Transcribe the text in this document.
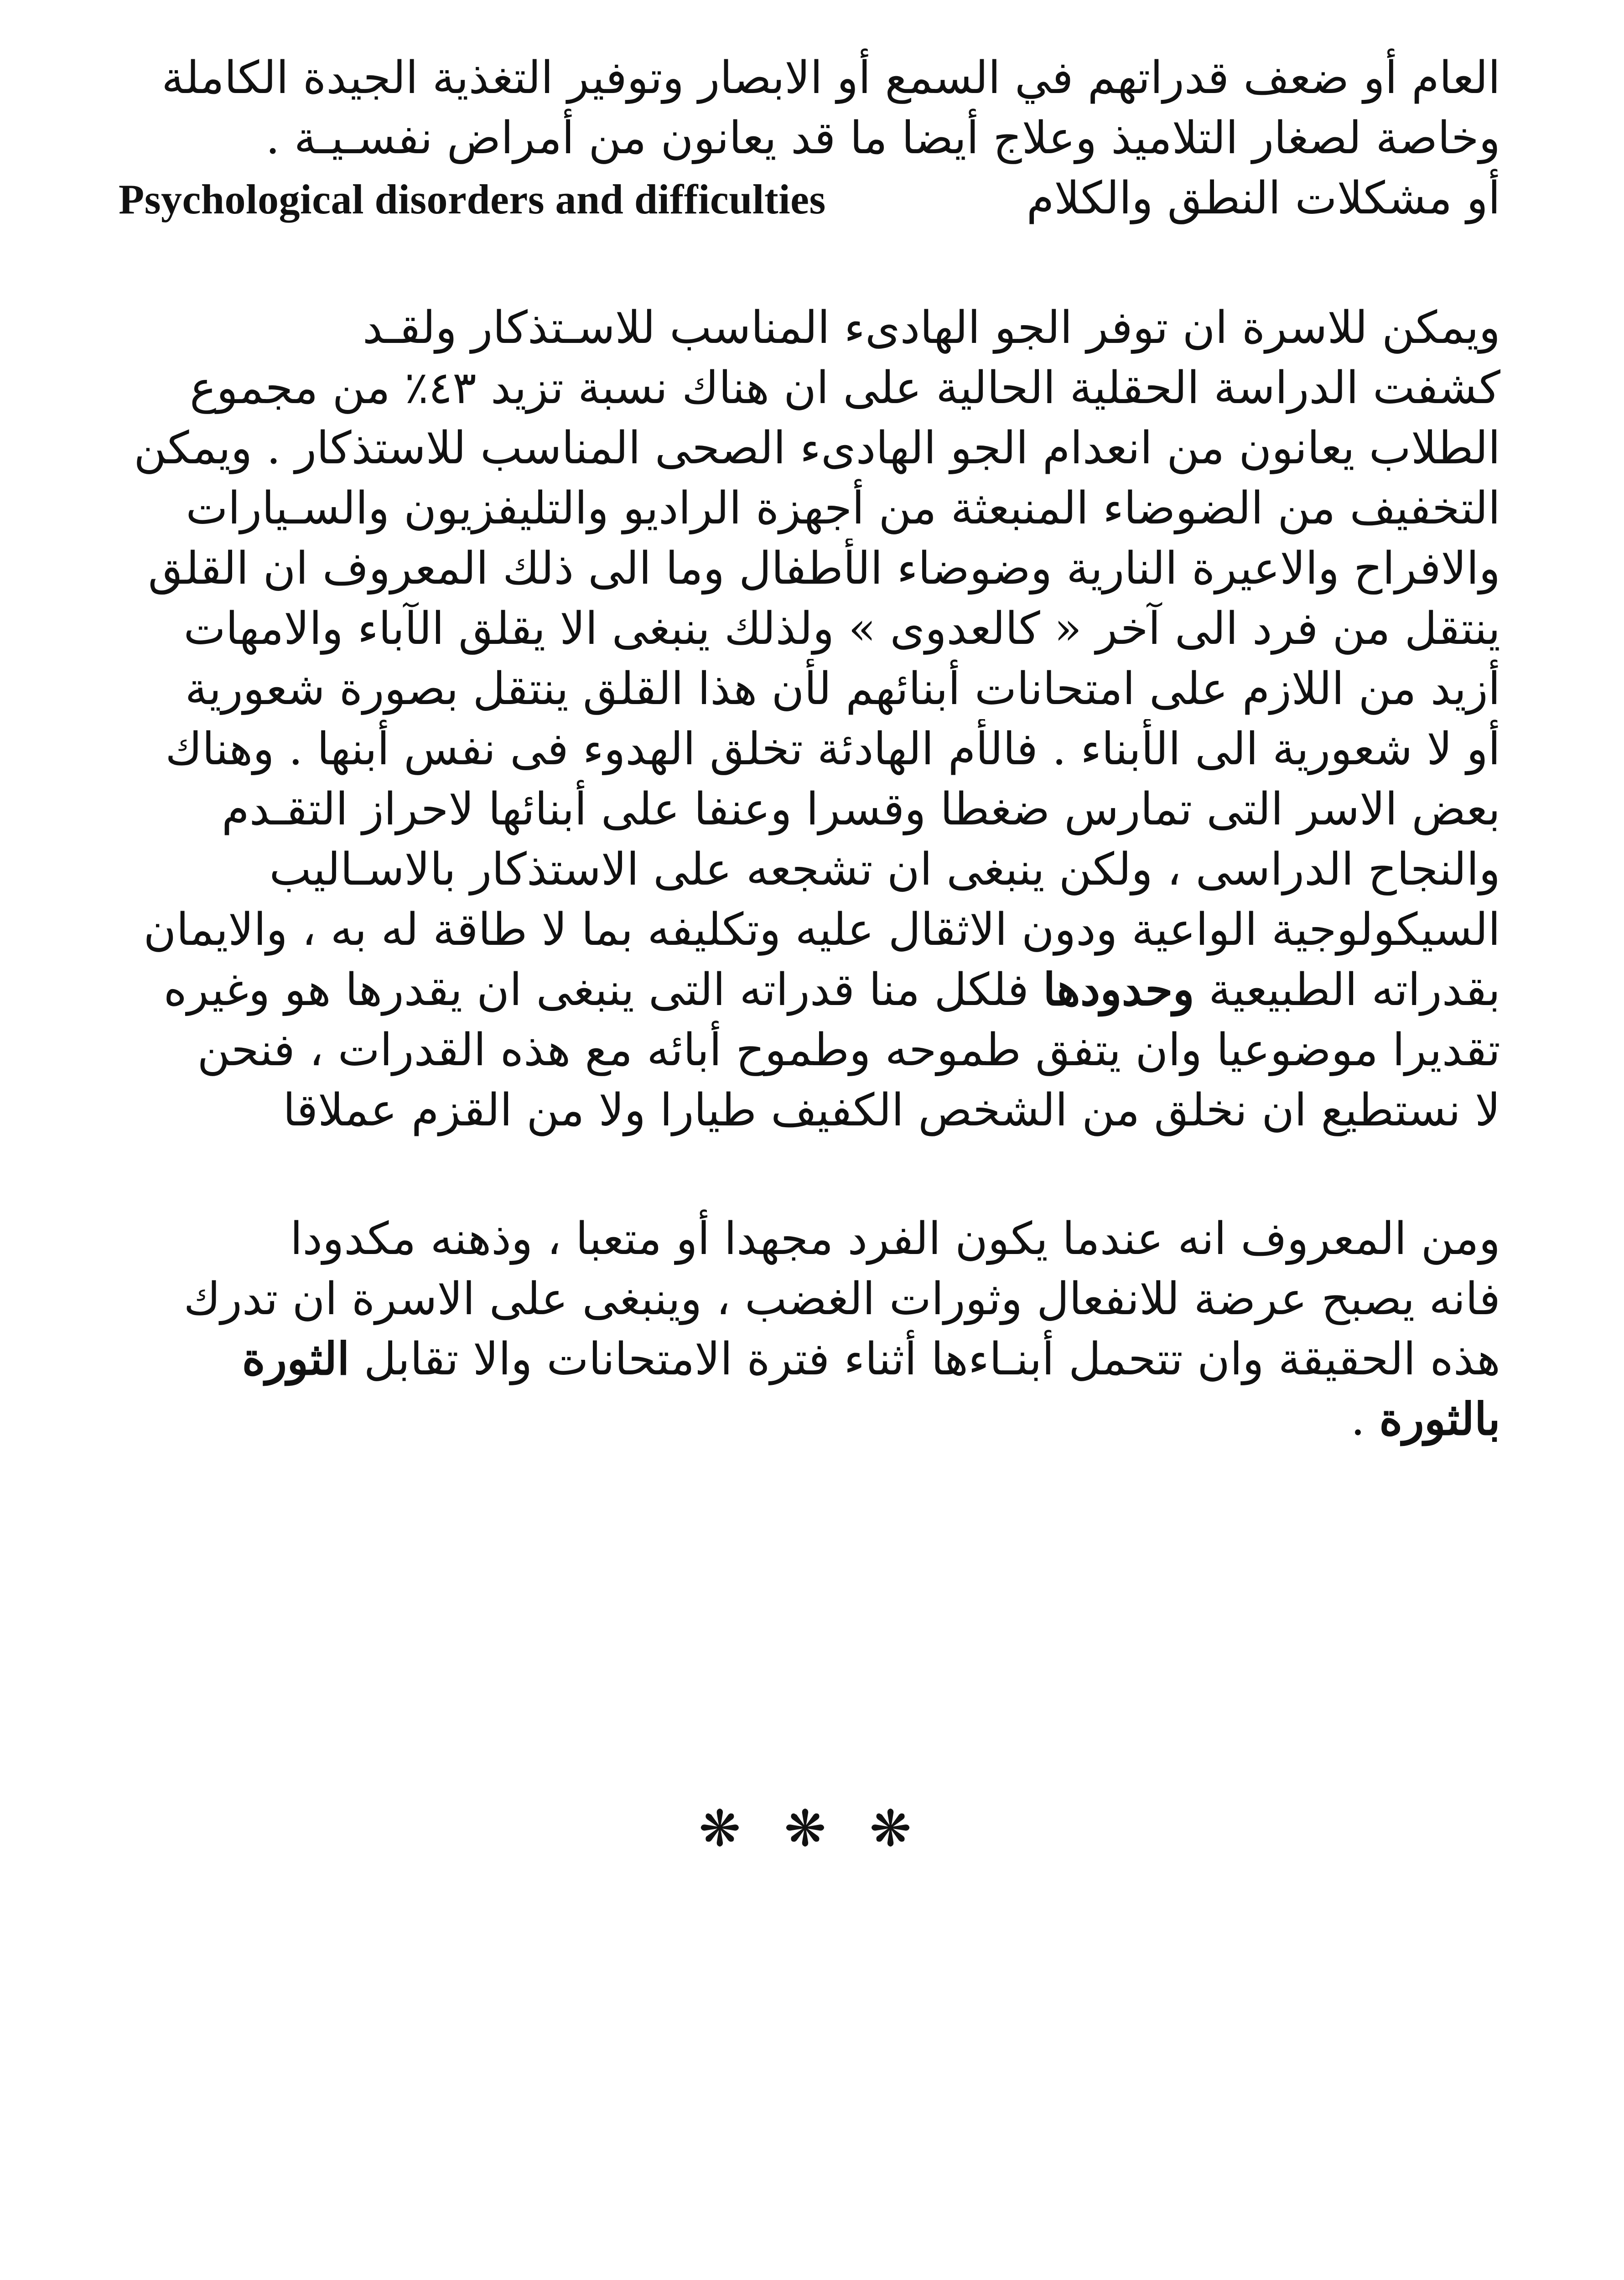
العام أو ضعف قدراتهم في السمع أو الابصار وتوفير التغذية الجيدة الكاملة
وخاصة لصغار التلاميذ وعلاج أيضا ما قد يعانون من أمراض نفسـيـة .
أو مشكلات النطق والكلام
Psychological disorders and difficulties
ويمكن للاسرة ان توفر الجو الهادىء المناسب للاسـتذكار ولقـد
كشفت الدراسة الحقلية الحالية على ان هناك نسبة تزيد ٤٣٪ من مجموع
الطلاب يعانون من انعدام الجو الهادىء الصحى المناسب للاستذكار . ويمكن
التخفيف من الضوضاء المنبعثة من أجهزة الراديو والتليفزيون والسـيارات
والافراح والاعيرة النارية وضوضاء الأطفال وما الى ذلك المعروف ان القلق
ينتقل من فرد الى آخر « كالعدوى » ولذلك ينبغى الا يقلق الآباء والامهات
أزيد من اللازم على امتحانات أبنائهم لأن هذا القلق ينتقل بصورة شعورية
أو لا شعورية الى الأبناء . فالأم الهادئة تخلق الهدوء فى نفس أبنها . وهناك
بعض الاسر التى تمارس ضغطا وقسرا وعنفا على أبنائها لاحراز التقـدم
والنجاح الدراسى ، ولكن ينبغى ان تشجعه على الاستذكار بالاسـاليب
السيكولوجية الواعية ودون الاثقال عليه وتكليفه بما لا طاقة له به ، والايمان
بقدراته الطبيعية وحدودها فلكل منا قدراته التى ينبغى ان يقدرها هو وغيره
تقديرا موضوعيا وان يتفق طموحه وطموح أبائه مع هذه القدرات ، فنحن
لا نستطيع ان نخلق من الشخص الكفيف طيارا ولا من القزم عملاقا
ومن المعروف انه عندما يكون الفرد مجهدا أو متعبا ، وذهنه مكدودا
فانه يصبح عرضة للانفعال وثورات الغضب ، وينبغى على الاسرة ان تدرك
هذه الحقيقة وان تتحمل أبنـاءها أثناء فترة الامتحانات والا تقابل الثورة
بالثورة .
❋ ❋ ❋
